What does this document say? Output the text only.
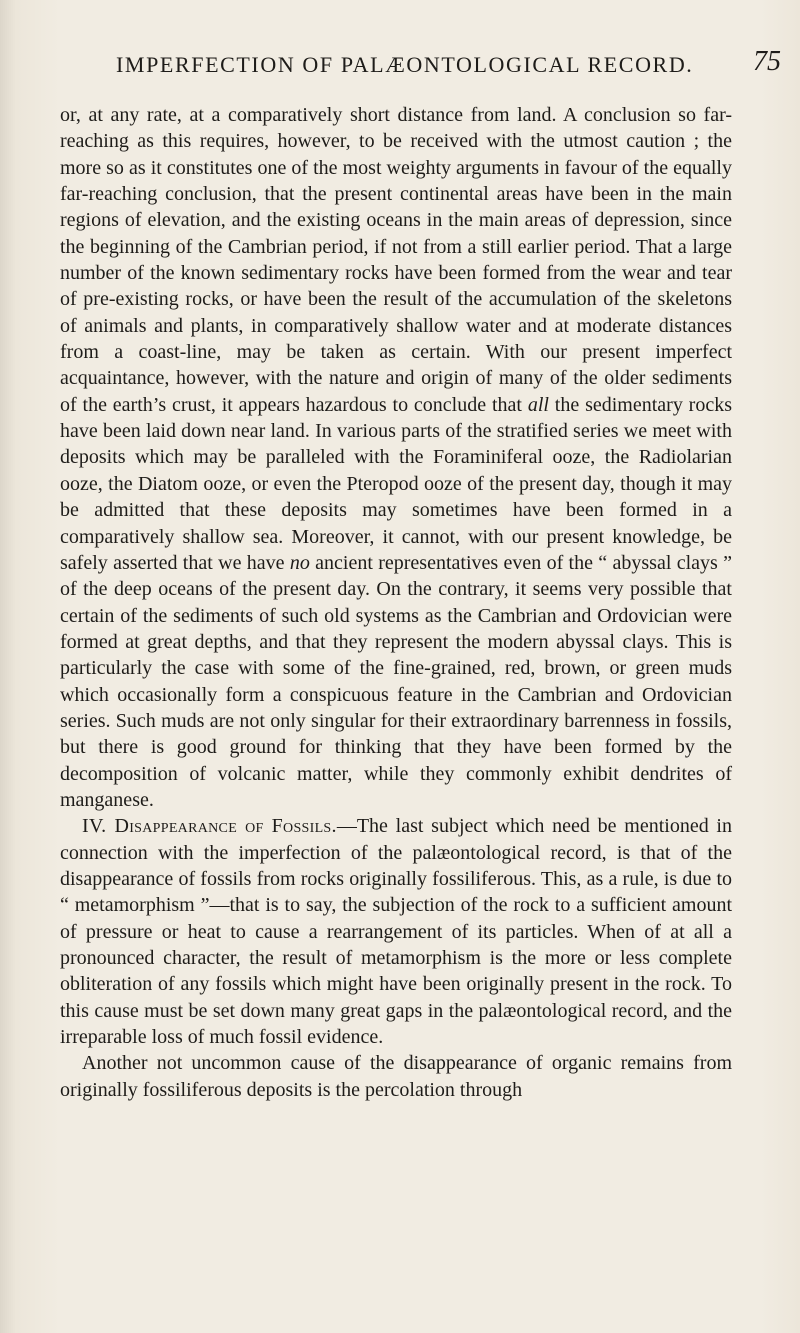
IMPERFECTION OF PALÆONTOLOGICAL RECORD. 75

or, at any rate, at a comparatively short distance from land. A conclusion so far-reaching as this requires, however, to be received with the utmost caution ; the more so as it constitutes one of the most weighty arguments in favour of the equally far-reaching conclusion, that the present continental areas have been in the main regions of elevation, and the existing oceans in the main areas of depression, since the beginning of the Cambrian period, if not from a still earlier period. That a large number of the known sedimentary rocks have been formed from the wear and tear of pre-existing rocks, or have been the result of the accumulation of the skeletons of animals and plants, in comparatively shallow water and at moderate distances from a coast-line, may be taken as certain. With our present imperfect acquaintance, however, with the nature and origin of many of the older sediments of the earth’s crust, it appears hazardous to conclude that all the sedimentary rocks have been laid down near land. In various parts of the stratified series we meet with deposits which may be paralleled with the Foraminiferal ooze, the Radiolarian ooze, the Diatom ooze, or even the Pteropod ooze of the present day, though it may be admitted that these deposits may sometimes have been formed in a comparatively shallow sea. Moreover, it cannot, with our present knowledge, be safely asserted that we have no ancient representatives even of the “ abyssal clays ” of the deep oceans of the present day. On the contrary, it seems very possible that certain of the sediments of such old systems as the Cambrian and Ordovician were formed at great depths, and that they represent the modern abyssal clays. This is particularly the case with some of the fine-grained, red, brown, or green muds which occasionally form a conspicuous feature in the Cambrian and Ordovician series. Such muds are not only singular for their extraordinary barrenness in fossils, but there is good ground for thinking that they have been formed by the decomposition of volcanic matter, while they commonly exhibit dendrites of manganese.

IV. Disappearance of Fossils.—The last subject which need be mentioned in connection with the imperfection of the palæontological record, is that of the disappearance of fossils from rocks originally fossiliferous. This, as a rule, is due to “ metamorphism ”—that is to say, the subjection of the rock to a sufficient amount of pressure or heat to cause a rearrangement of its particles. When of at all a pronounced character, the result of metamorphism is the more or less complete obliteration of any fossils which might have been originally present in the rock. To this cause must be set down many great gaps in the palæontological record, and the irreparable loss of much fossil evidence.

Another not uncommon cause of the disappearance of organic remains from originally fossiliferous deposits is the percolation through
